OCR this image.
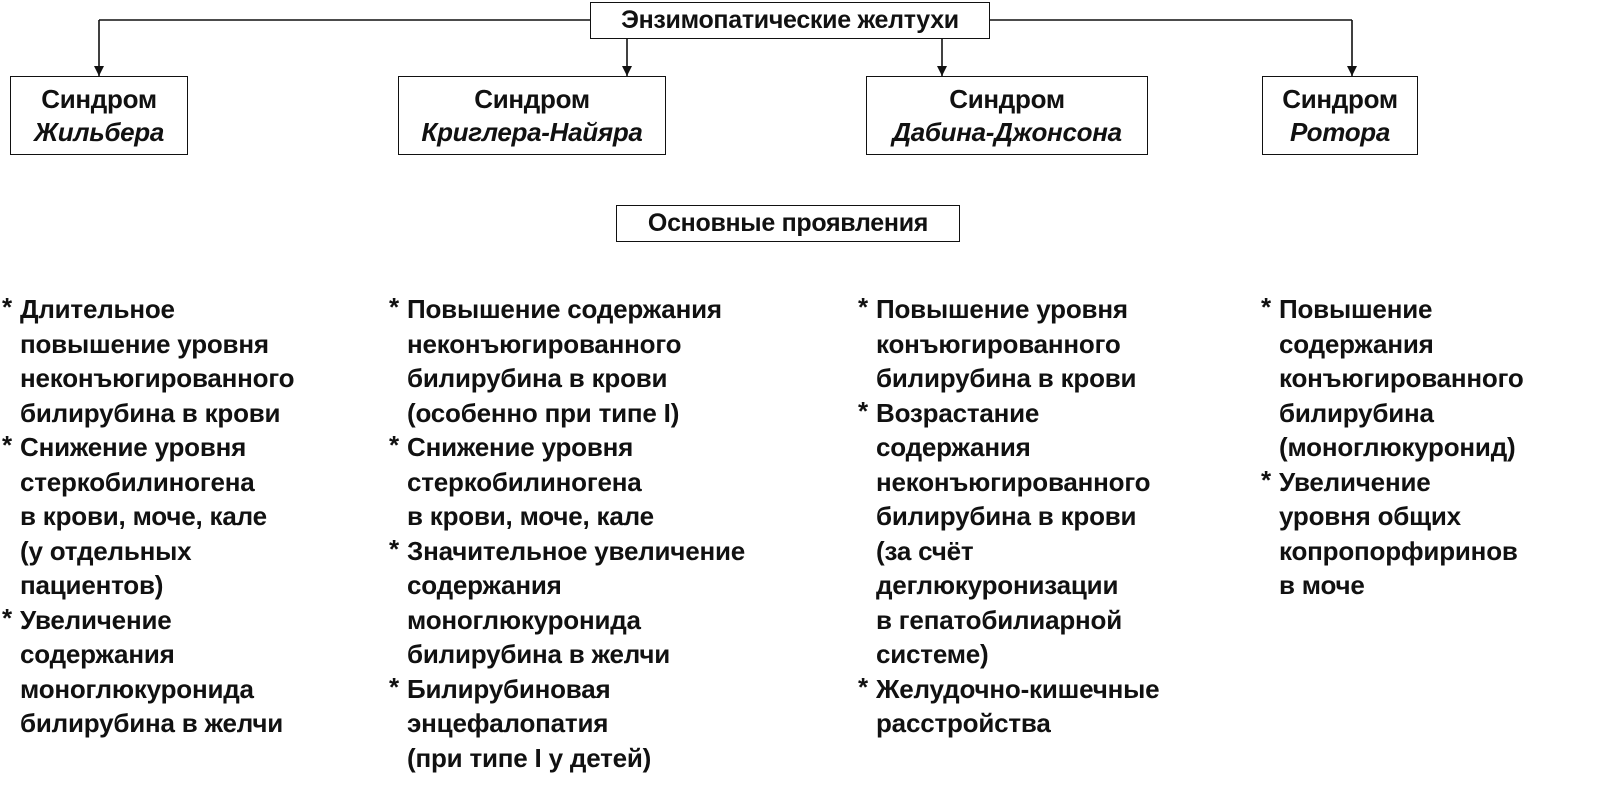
Энзимопатические желтухи
Синдром
Жильбера
Синдром
Криглера-Найяра
Синдром
Дабина-Джонсона
Синдром
Ротора
Основные проявления
* Длительное
повышение уровня
неконъюгированного
билирубина в крови
* Снижение уровня
стеркобилиногена
в крови, моче, кале
(у отдельных
пациентов)
* Увеличение
содержания
моноглюкуронида
билирубина в желчи
* Повышение содержания
неконъюгированного
билирубина в крови
(особенно при типе I)
* Снижение уровня
стеркобилиногена
в крови, моче, кале
* Значительное увеличение
содержания
моноглюкуронида
билирубина в желчи
* Билирубиновая
энцефалопатия
(при типе I у детей)
* Повышение уровня
конъюгированного
билирубина в крови
* Возрастание
содержания
неконъюгированного
билирубина в крови
(за счёт
деглюкуронизации
в гепатобилиарной
системе)
* Желудочно-кишечные
расстройства
* Повышение
содержания
конъюгированного
билирубина
(моноглюкуронид)
* Увеличение
уровня общих
копропорфиринов
в моче
